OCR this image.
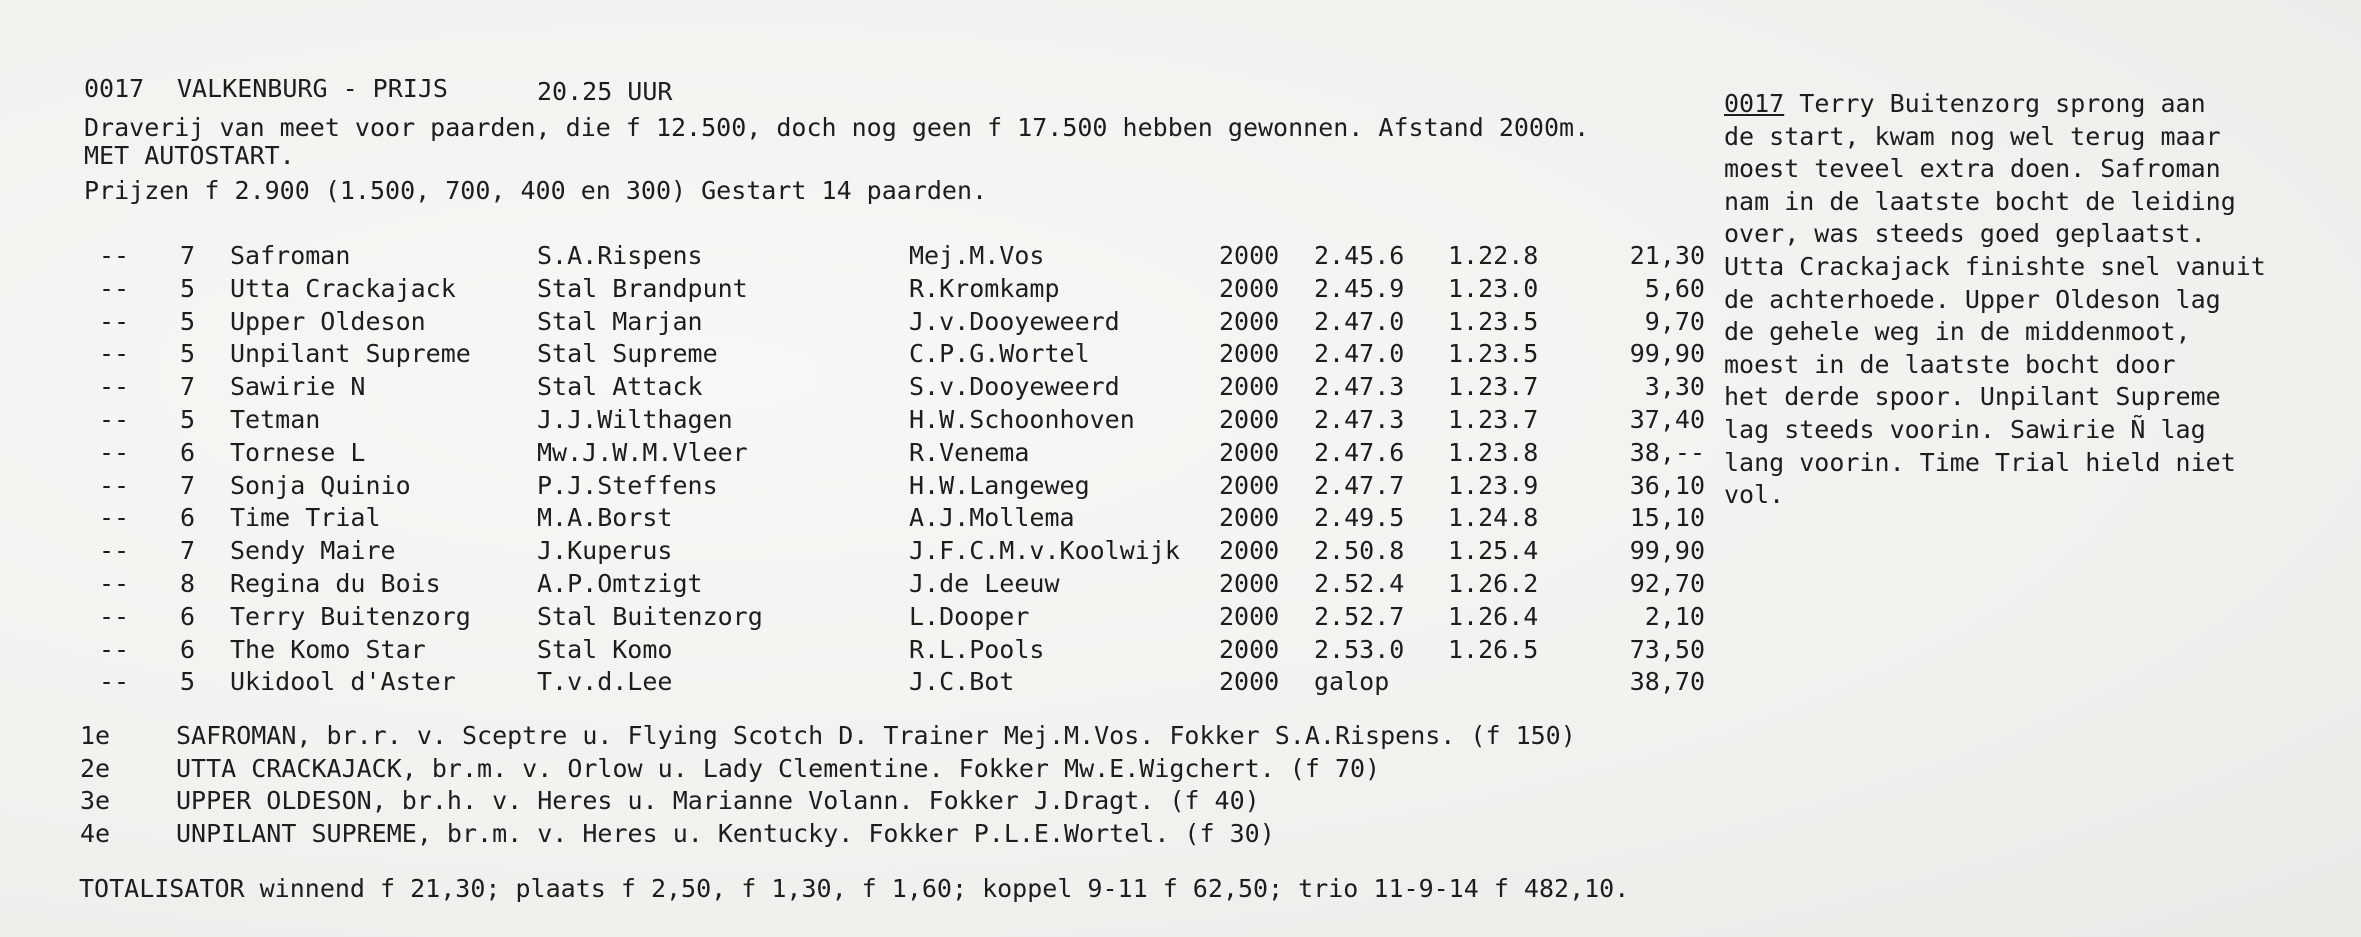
0017 VALKENBURG - PRIJS	20.25 UUR
Draverij van meet voor paarden, die f 12.500, doch nog geen f 17.500 hebben gewonnen. Afstand 2000m.
MET AUTOSTART.
Prijzen f 2.900 (1.500, 700, 400 en 300) Gestart 14 paarden.
-- 7 Safroman	S.A.Rispens	Mej.M.Vos	2000 2.45.6 1.22.8	21,30
-- 5 Utta Crackajack	Stal Brandpunt	R.Kromkamp	2000 2.45.9 1.23.0	5,60
-- 5 Upper Oldeson	Stal Marjan	J.v.Dooyeweerd	2000 2.47.0 1.23.5	9,70
-- 5 Unpilant Supreme	Stal Supreme	C.P.G.Wortel	2000 2.47.0 1.23.5	99,90
-- 7 Sawirie N	Stal Attack	S.v.Dooyeweerd	2000 2.47.3 1.23.7	3,30
-- 5 Tetman	J.J.Wilthagen	H.W.Schoonhoven	2000 2.47.3 1.23.7	37,40
-- 6 Tornese L	Mw.J.W.M.Vleer	R.Venema	2000 2.47.6 1.23.8	38,--
-- 7 Sonja Quinio	P.J.Steffens	H.W.Langeweg	2000 2.47.7 1.23.9	36,10
-- 6 Time Trial	M.A.Borst	A.J.Mollema	2000 2.49.5 1.24.8	15,10
-- 7 Sendy Maire	J.Kuperus	J.F.C.M.v.Koolwijk 2000 2.50.8 1.25.4	99,90
-- 8 Regina du Bois	A.P.Omtzigt	J.de Leeuw	2000 2.52.4 1.26.2	92,70
-- 6 Terry Buitenzorg	Stal Buitenzorg	L.Dooper	2000 2.52.7 1.26.4	2,10
-- 6 The Komo Star	Stal Komo	R.L.Pools	2000 2.53.0 1.26.5	73,50
-- 5 Ukidool d'Aster	T.v.d.Lee	J.C.Bot	2000 galop	38,70
1e	SAFROMAN, br.r. v. Sceptre u. Flying Scotch D. Trainer Mej.M.Vos. Fokker S.A.Rispens. (f 150)
2e	UTTA CRACKAJACK, br.m. v. Orlow u. Lady Clementine. Fokker Mw.E.Wigchert. (f 70)
3e	UPPER OLDESON, br.h. v. Heres u. Marianne Volann. Fokker J.Dragt. (f 40)
4e	UNPILANT SUPREME, br.m. v. Heres u. Kentucky. Fokker P.L.E.Wortel. (f 30)
TOTALISATOR winnend f 21,30; plaats f 2,50, f 1,30, f 1,60; koppel 9-11 f 62,50; trio 11-9-14 f 482,10.
0017 Terry Buitenzorg sprong aan
de start, kwam nog wel terug maar
moest teveel extra doen. Safroman
nam in de laatste bocht de leiding
over, was steeds goed geplaatst.
Utta Crackajack finishte snel vanuit
de achterhoede. Upper Oldeson lag
de gehele weg in de middenmoot,
moest in de laatste bocht door
het derde spoor. Unpilant Supreme
lag steeds voorin. Sawirie Ñ lag
lang voorin. Time Trial hield niet
vol.
